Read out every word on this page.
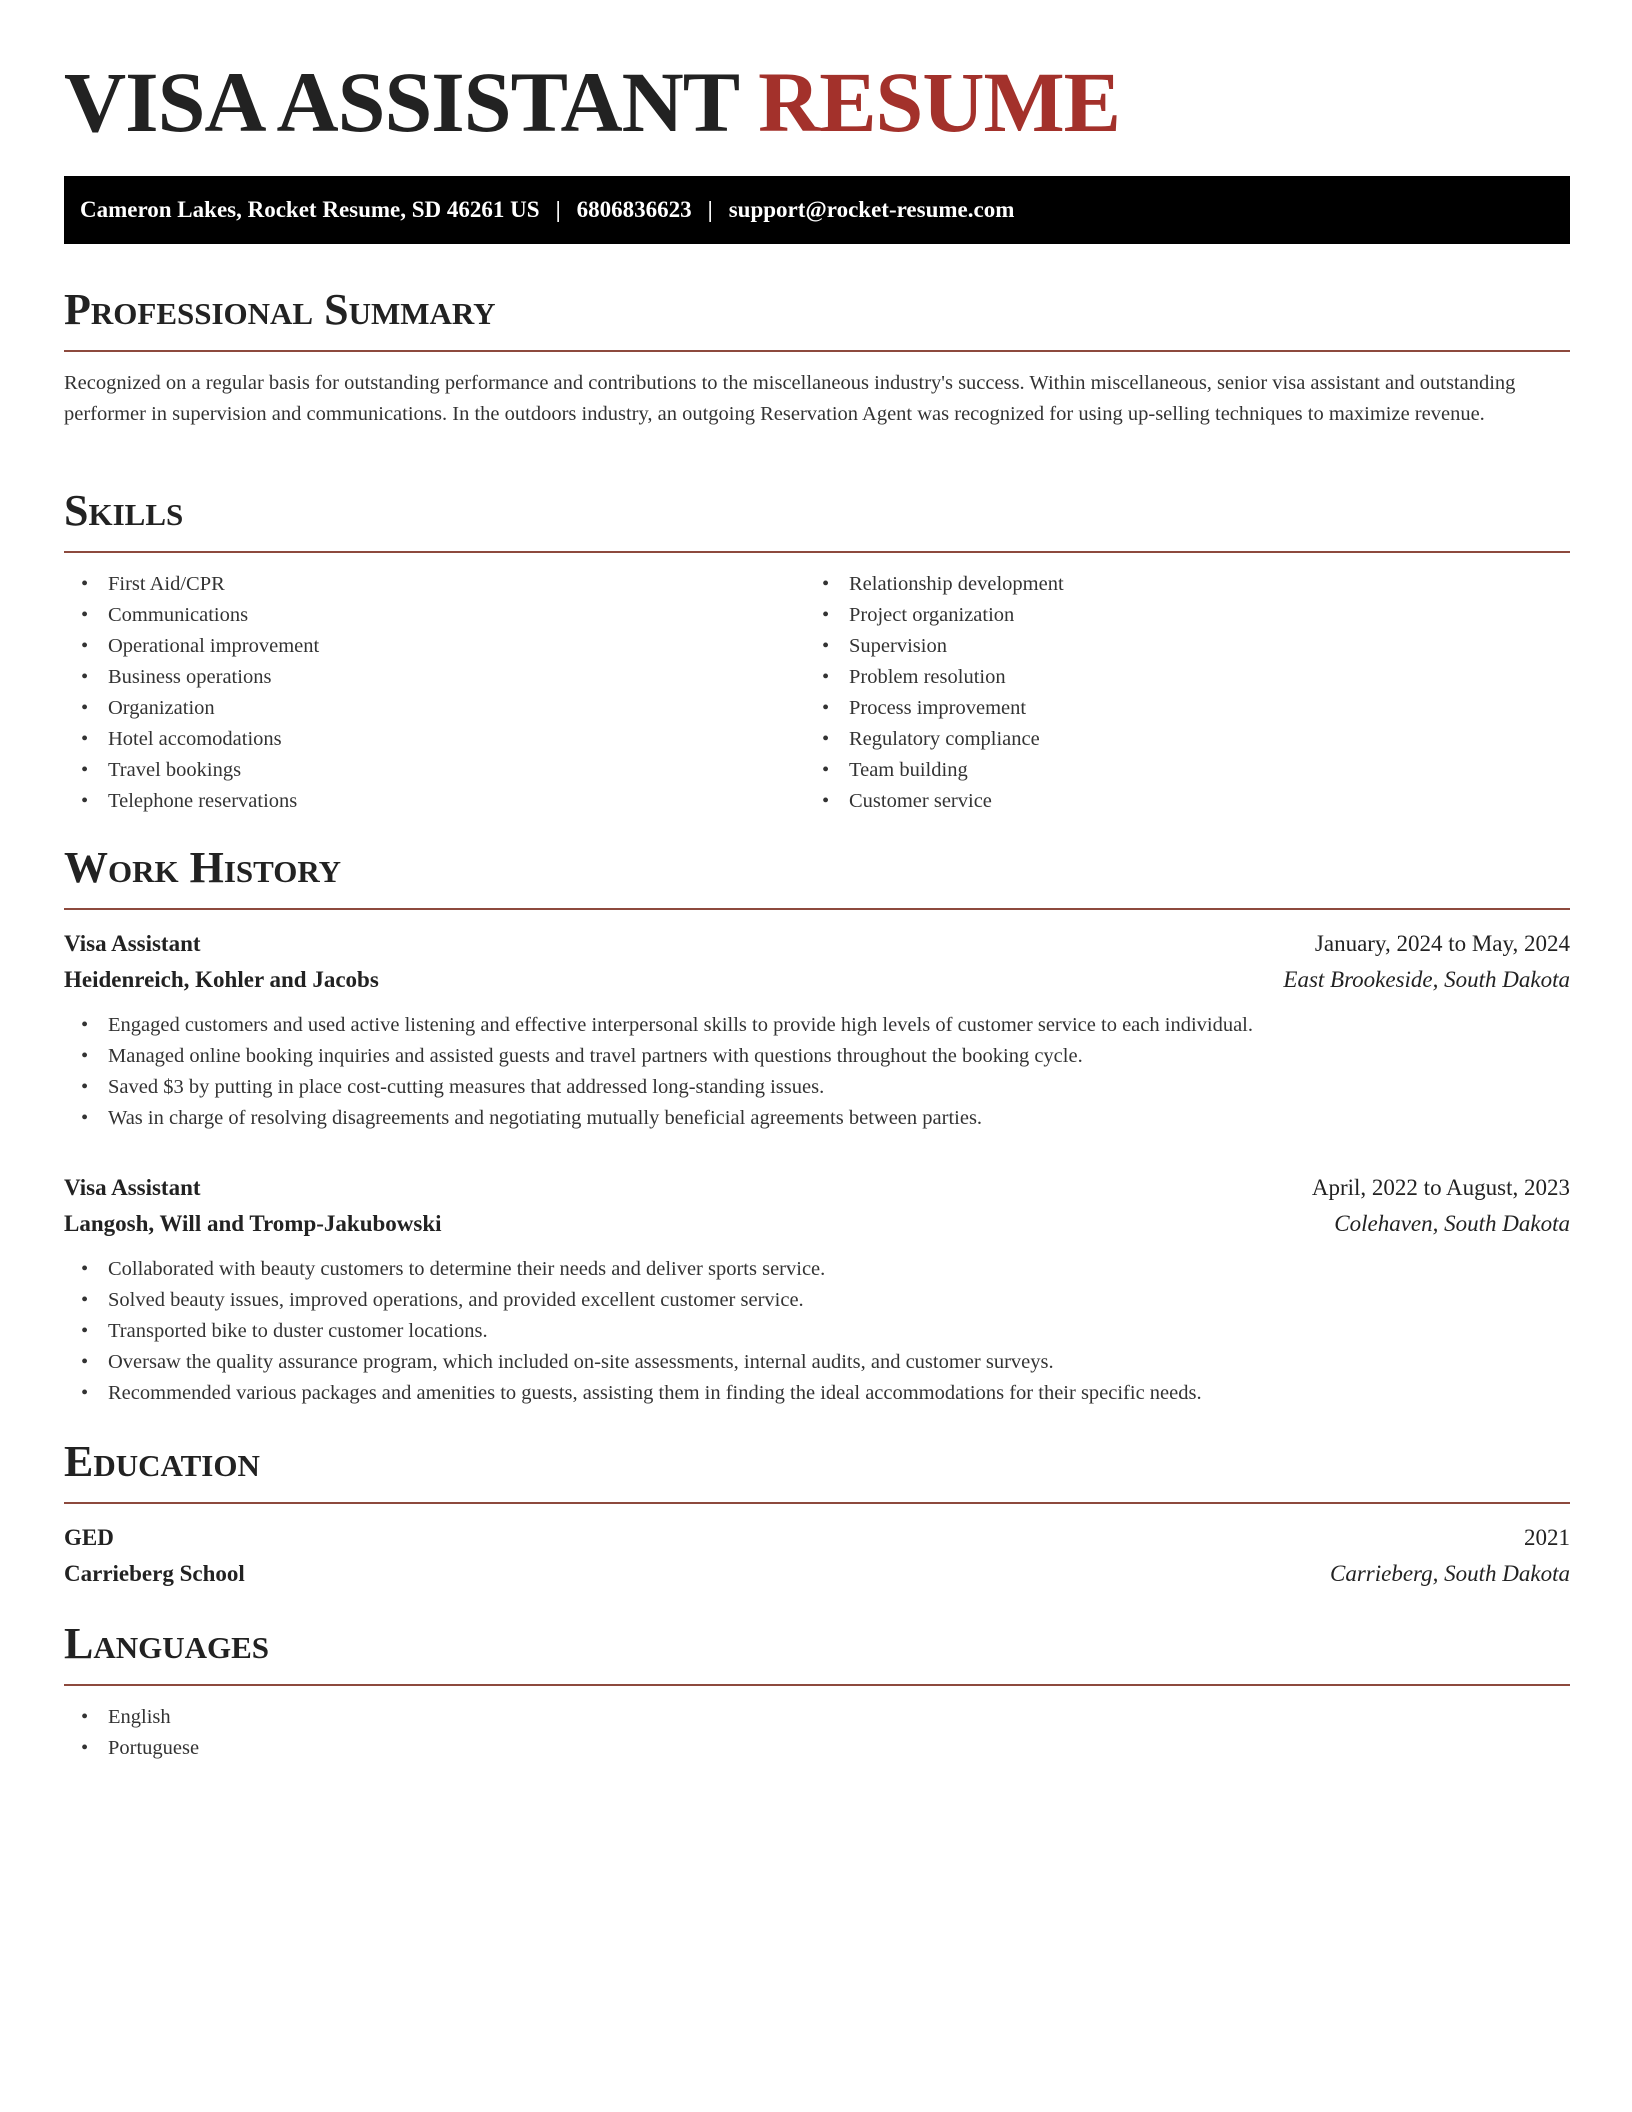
VISA ASSISTANT RESUME
Cameron Lakes, Rocket Resume, SD 46261 US | 6806836623 | support@rocket-resume.com
Professional Summary

Recognized on a regular basis for outstanding performance and contributions to the miscellaneous industry's success. Within miscellaneous, senior visa assistant and outstanding performer in supervision and communications. In the outdoors industry, an outgoing Reservation Agent was recognized for using up-selling techniques to maximize revenue.

Skills
• First Aid/CPR
• Communications
• Operational improvement
• Business operations
• Organization
• Hotel accomodations
• Travel bookings
• Telephone reservations
• Relationship development
• Project organization
• Supervision
• Problem resolution
• Process improvement
• Regulatory compliance
• Team building
• Customer service
Work History
Visa Assistant	January, 2024 to May, 2024
Heidenreich, Kohler and Jacobs	East Brookeside, South Dakota
• Engaged customers and used active listening and effective interpersonal skills to provide high levels of customer service to each individual.
• Managed online booking inquiries and assisted guests and travel partners with questions throughout the booking cycle.
• Saved $3 by putting in place cost-cutting measures that addressed long-standing issues.
• Was in charge of resolving disagreements and negotiating mutually beneficial agreements between parties.
Visa Assistant	April, 2022 to August, 2023
Langosh, Will and Tromp-Jakubowski	Colehaven, South Dakota
• Collaborated with beauty customers to determine their needs and deliver sports service.
• Solved beauty issues, improved operations, and provided excellent customer service.
• Transported bike to duster customer locations.
• Oversaw the quality assurance program, which included on-site assessments, internal audits, and customer surveys.
• Recommended various packages and amenities to guests, assisting them in finding the ideal accommodations for their specific needs.
Education
GED	2021
Carrieberg School	Carrieberg, South Dakota
Languages
• English
• Portuguese
